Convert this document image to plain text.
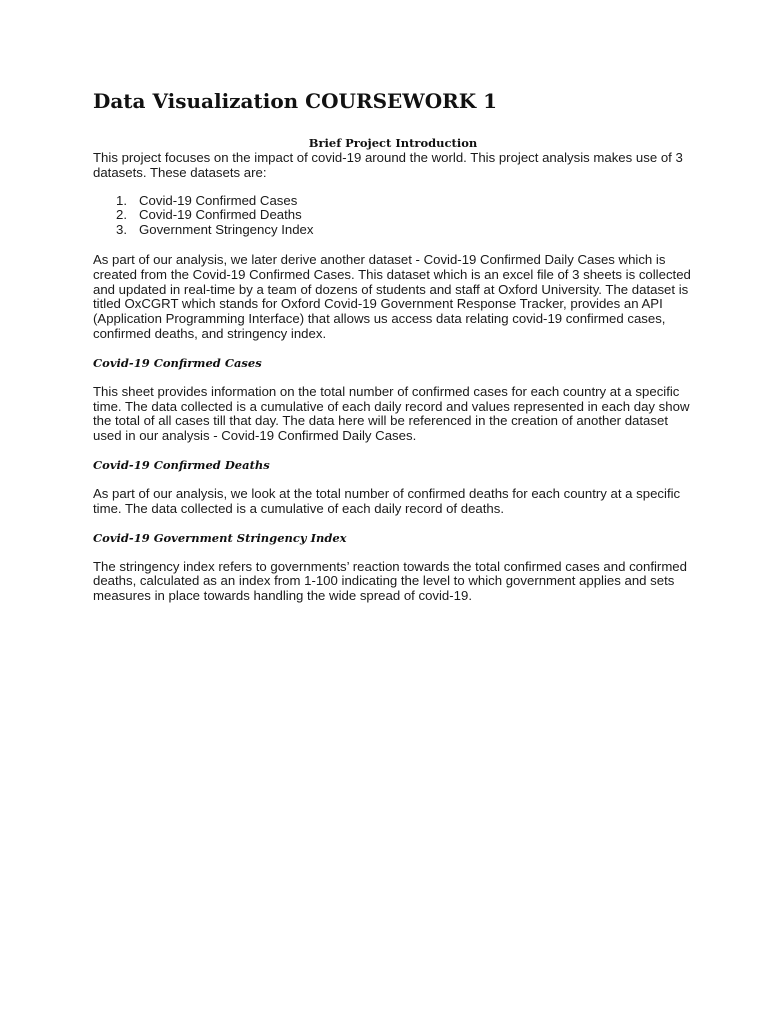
Data Visualization COURSEWORK 1

Brief Project Introduction

This project focuses on the impact of covid-19 around the world. This project analysis makes use of 3 datasets. These datasets are:

1. Covid-19 Confirmed Cases
2. Covid-19 Confirmed Deaths
3. Government Stringency Index

As part of our analysis, we later derive another dataset - Covid-19 Confirmed Daily Cases which is created from the Covid-19 Confirmed Cases. This dataset which is an excel file of 3 sheets is collected and updated in real-time by a team of dozens of students and staff at Oxford University. The dataset is titled OxCGRT which stands for Oxford Covid-19 Government Response Tracker, provides an API (Application Programming Interface) that allows us access data relating covid-19 confirmed cases, confirmed deaths, and stringency index.

Covid-19 Confirmed Cases

This sheet provides information on the total number of confirmed cases for each country at a specific time. The data collected is a cumulative of each daily record and values represented in each day show the total of all cases till that day. The data here will be referenced in the creation of another dataset used in our analysis - Covid-19 Confirmed Daily Cases.

Covid-19 Confirmed Deaths

As part of our analysis, we look at the total number of confirmed deaths for each country at a specific time. The data collected is a cumulative of each daily record of deaths.

Covid-19 Government Stringency Index

The stringency index refers to governments’ reaction towards the total confirmed cases and confirmed deaths, calculated as an index from 1-100 indicating the level to which government applies and sets measures in place towards handling the wide spread of covid-19.
